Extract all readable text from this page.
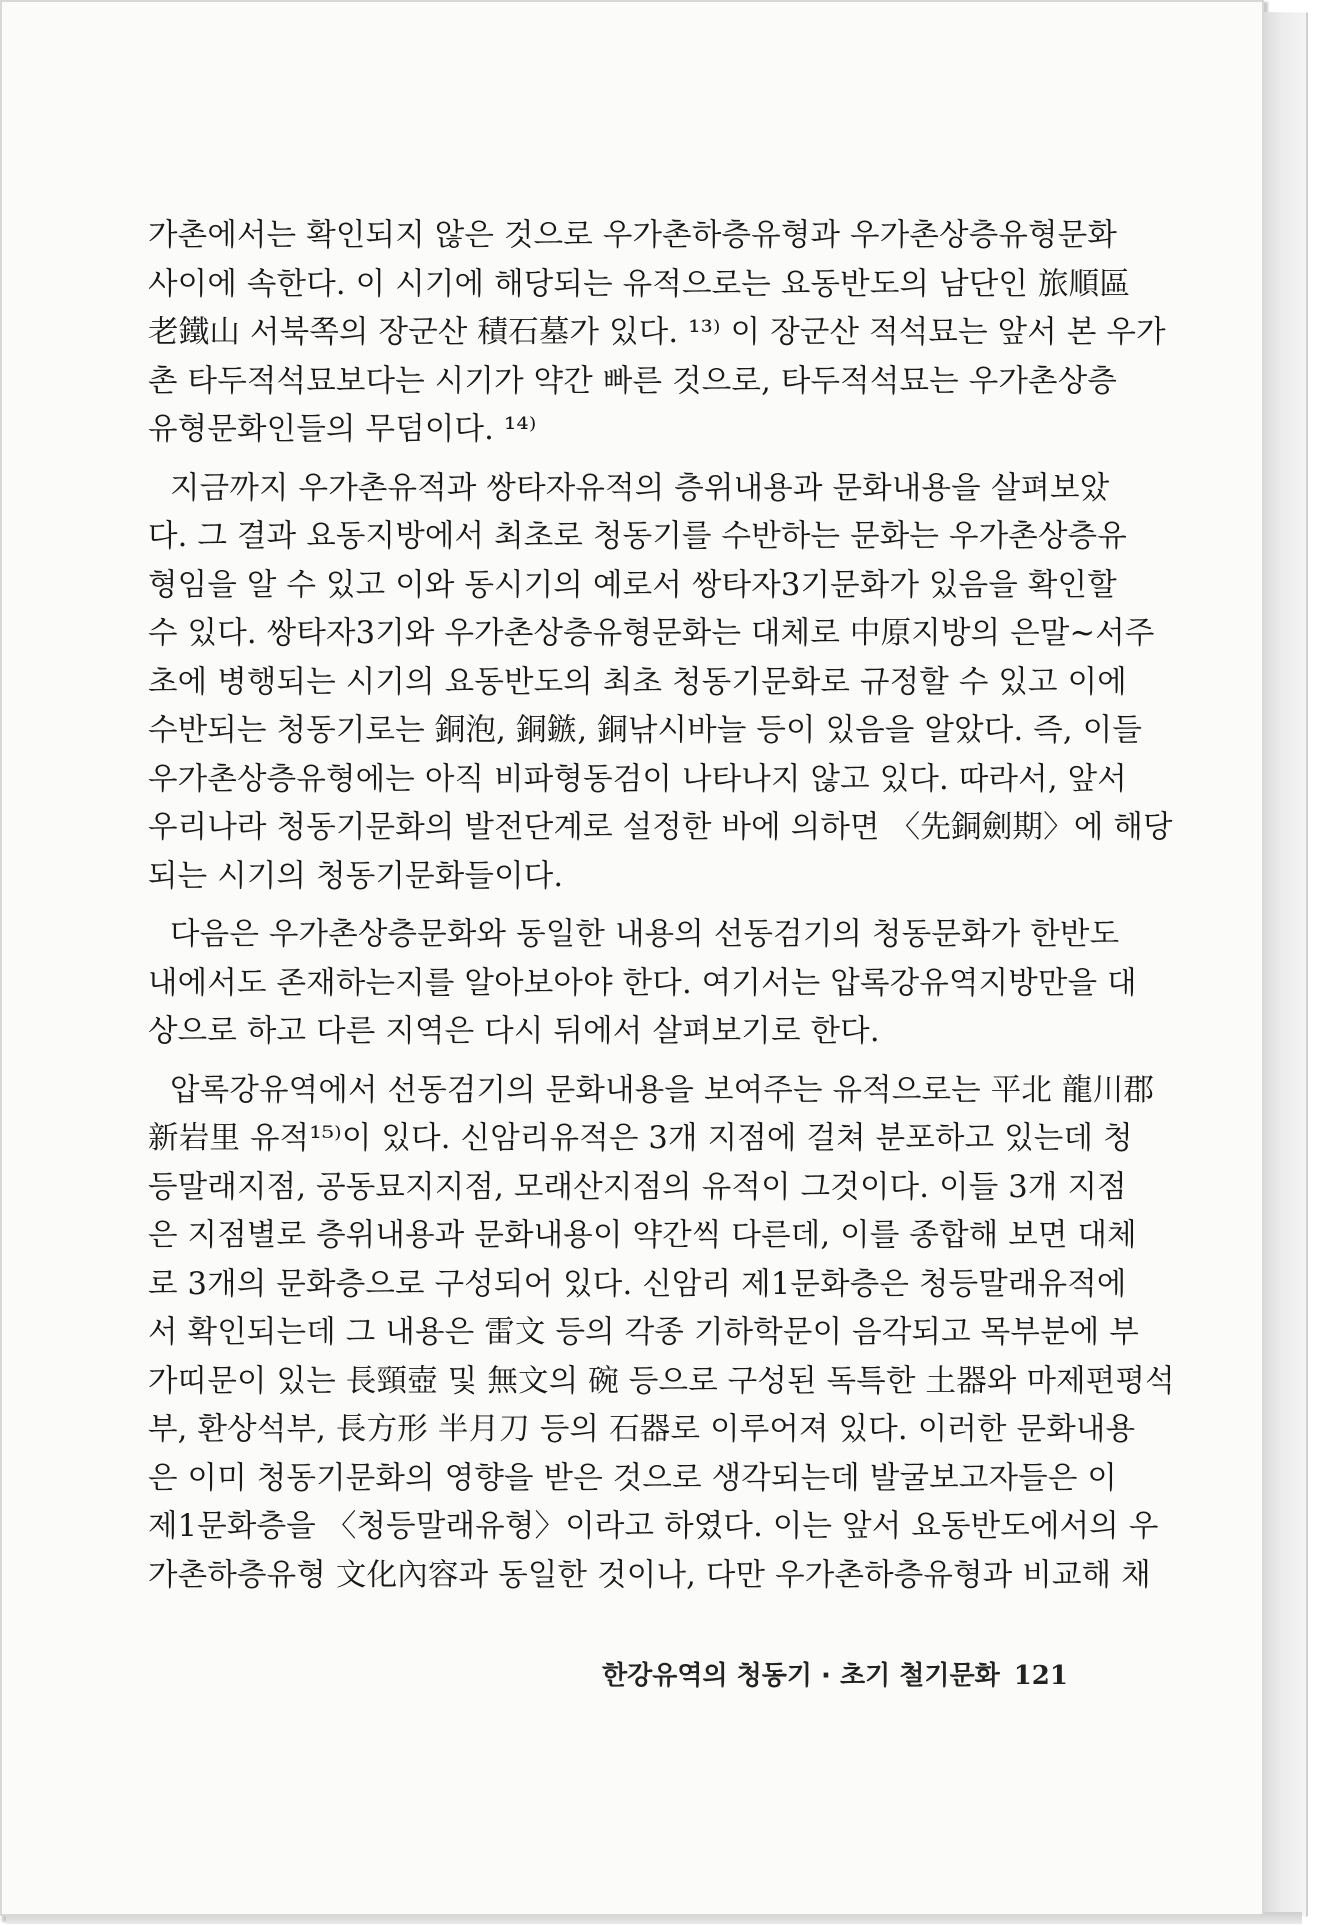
가촌에서는 확인되지 않은 것으로 우가촌하층유형과 우가촌상층유형문화
사이에 속한다. 이 시기에 해당되는 유적으로는 요동반도의 남단인 旅順區
老鐵山 서북쪽의 장군산 積石墓가 있다. ¹³⁾ 이 장군산 적석묘는 앞서 본 우가
촌 타두적석묘보다는 시기가 약간 빠른 것으로, 타두적석묘는 우가촌상층
유형문화인들의 무덤이다. ¹⁴⁾
지금까지 우가촌유적과 쌍타자유적의 층위내용과 문화내용을 살펴보았
다. 그 결과 요동지방에서 최초로 청동기를 수반하는 문화는 우가촌상층유
형임을 알 수 있고 이와 동시기의 예로서 쌍타자3기문화가 있음을 확인할
수 있다. 쌍타자3기와 우가촌상층유형문화는 대체로 中原지방의 은말~서주
초에 병행되는 시기의 요동반도의 최초 청동기문화로 규정할 수 있고 이에
수반되는 청동기로는 銅泡, 銅鏃, 銅낚시바늘 등이 있음을 알았다. 즉, 이들
우가촌상층유형에는 아직 비파형동검이 나타나지 않고 있다. 따라서, 앞서
우리나라 청동기문화의 발전단계로 설정한 바에 의하면 〈先銅劍期〉에 해당
되는 시기의 청동기문화들이다.
다음은 우가촌상층문화와 동일한 내용의 선동검기의 청동문화가 한반도
내에서도 존재하는지를 알아보아야 한다. 여기서는 압록강유역지방만을 대
상으로 하고 다른 지역은 다시 뒤에서 살펴보기로 한다.
압록강유역에서 선동검기의 문화내용을 보여주는 유적으로는 平北 龍川郡
新岩里 유적¹⁵⁾이 있다. 신암리유적은 3개 지점에 걸쳐 분포하고 있는데 청
등말래지점, 공동묘지지점, 모래산지점의 유적이 그것이다. 이들 3개 지점
은 지점별로 층위내용과 문화내용이 약간씩 다른데, 이를 종합해 보면 대체
로 3개의 문화층으로 구성되어 있다. 신암리 제1문화층은 청등말래유적에
서 확인되는데 그 내용은 雷文 등의 각종 기하학문이 음각되고 목부분에 부
가띠문이 있는 長頸壺 및 無文의 碗 등으로 구성된 독특한 土器와 마제편평석
부, 환상석부, 長方形 半月刀 등의 石器로 이루어져 있다. 이러한 문화내용
은 이미 청동기문화의 영향을 받은 것으로 생각되는데 발굴보고자들은 이
제1문화층을 〈청등말래유형〉이라고 하였다. 이는 앞서 요동반도에서의 우
가촌하층유형 文化內容과 동일한 것이나, 다만 우가촌하층유형과 비교해 채
한강유역의 청동기 · 초기 철기문화 121
